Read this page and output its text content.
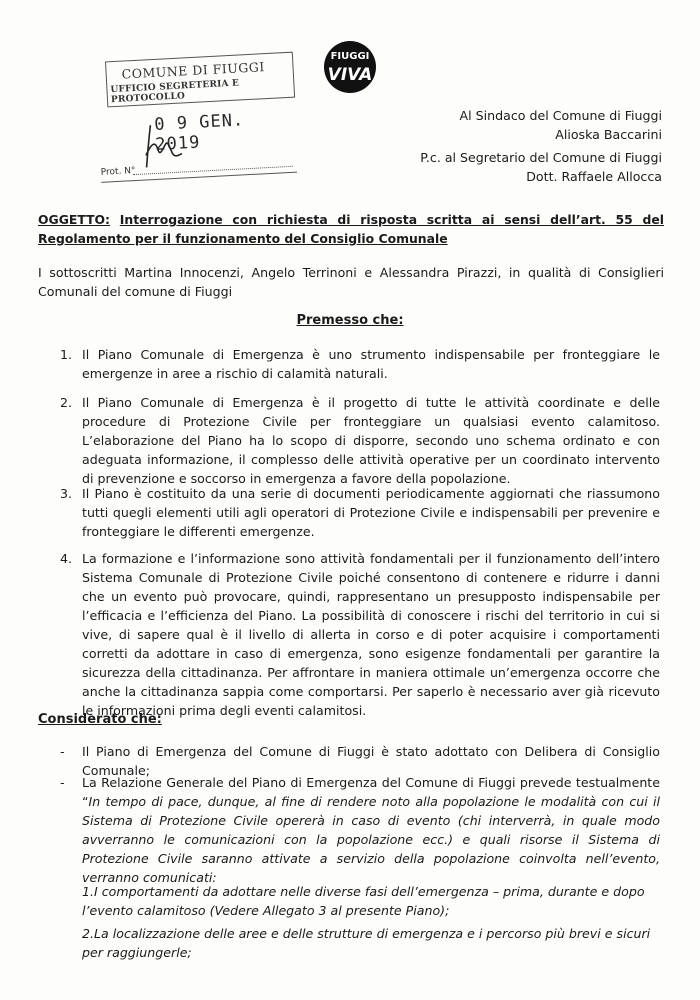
FIUGGI
VIVA
COMUNE DI FIUGGI
UFFICIO SEGRETERIA E PROTOCOLLO
0 9 GEN. 2019
Prot. N°
Al Sindaco del Comune di Fiuggi
Alioska Baccarini
P.c. al Segretario del Comune di Fiuggi
Dott. Raffaele Allocca
OGGETTO: Interrogazione con richiesta di risposta scritta ai sensi dell’art. 55 del Regolamento per il funzionamento del Consiglio Comunale
I sottoscritti Martina Innocenzi, Angelo Terrinoni e Alessandra Pirazzi, in qualità di Consiglieri Comunali del comune di Fiuggi
Premesso che:
1. Il Piano Comunale di Emergenza è uno strumento indispensabile per fronteggiare le emergenze in aree a rischio di calamità naturali.
2. Il Piano Comunale di Emergenza è il progetto di tutte le attività coordinate e delle procedure di Protezione Civile per fronteggiare un qualsiasi evento calamitoso. L’elaborazione del Piano ha lo scopo di disporre, secondo uno schema ordinato e con adeguata informazione, il complesso delle attività operative per un coordinato intervento di prevenzione e soccorso in emergenza a favore della popolazione.
3. Il Piano è costituito da una serie di documenti periodicamente aggiornati che riassumono tutti quegli elementi utili agli operatori di Protezione Civile e indispensabili per prevenire e fronteggiare le differenti emergenze.
4. La formazione e l’informazione sono attività fondamentali per il funzionamento dell’intero Sistema Comunale di Protezione Civile poiché consentono di contenere e ridurre i danni che un evento può provocare, quindi, rappresentano un presupposto indispensabile per l’efficacia e l’efficienza del Piano. La possibilità di conoscere i rischi del territorio in cui si vive, di sapere qual è il livello di allerta in corso e di poter acquisire i comportamenti corretti da adottare in caso di emergenza, sono esigenze fondamentali per garantire la sicurezza della cittadinanza. Per affrontare in maniera ottimale un’emergenza occorre che anche la cittadinanza sappia come comportarsi. Per saperlo è necessario aver già ricevuto le informazioni prima degli eventi calamitosi.
Considerato che:
- Il Piano di Emergenza del Comune di Fiuggi è stato adottato con Delibera di Consiglio Comunale;
- La Relazione Generale del Piano di Emergenza del Comune di Fiuggi prevede testualmente “In tempo di pace, dunque, al fine di rendere noto alla popolazione le modalità con cui il Sistema di Protezione Civile opererà in caso di evento (chi interverrà, in quale modo avverranno le comunicazioni con la popolazione ecc.) e quali risorse il Sistema di Protezione Civile saranno attivate a servizio della popolazione coinvolta nell’evento, verranno comunicati:
1.I comportamenti da adottare nelle diverse fasi dell’emergenza – prima, durante e dopo l’evento calamitoso (Vedere Allegato 3 al presente Piano);
2.La localizzazione delle aree e delle strutture di emergenza e i percorso più brevi e sicuri per raggiungerle;
